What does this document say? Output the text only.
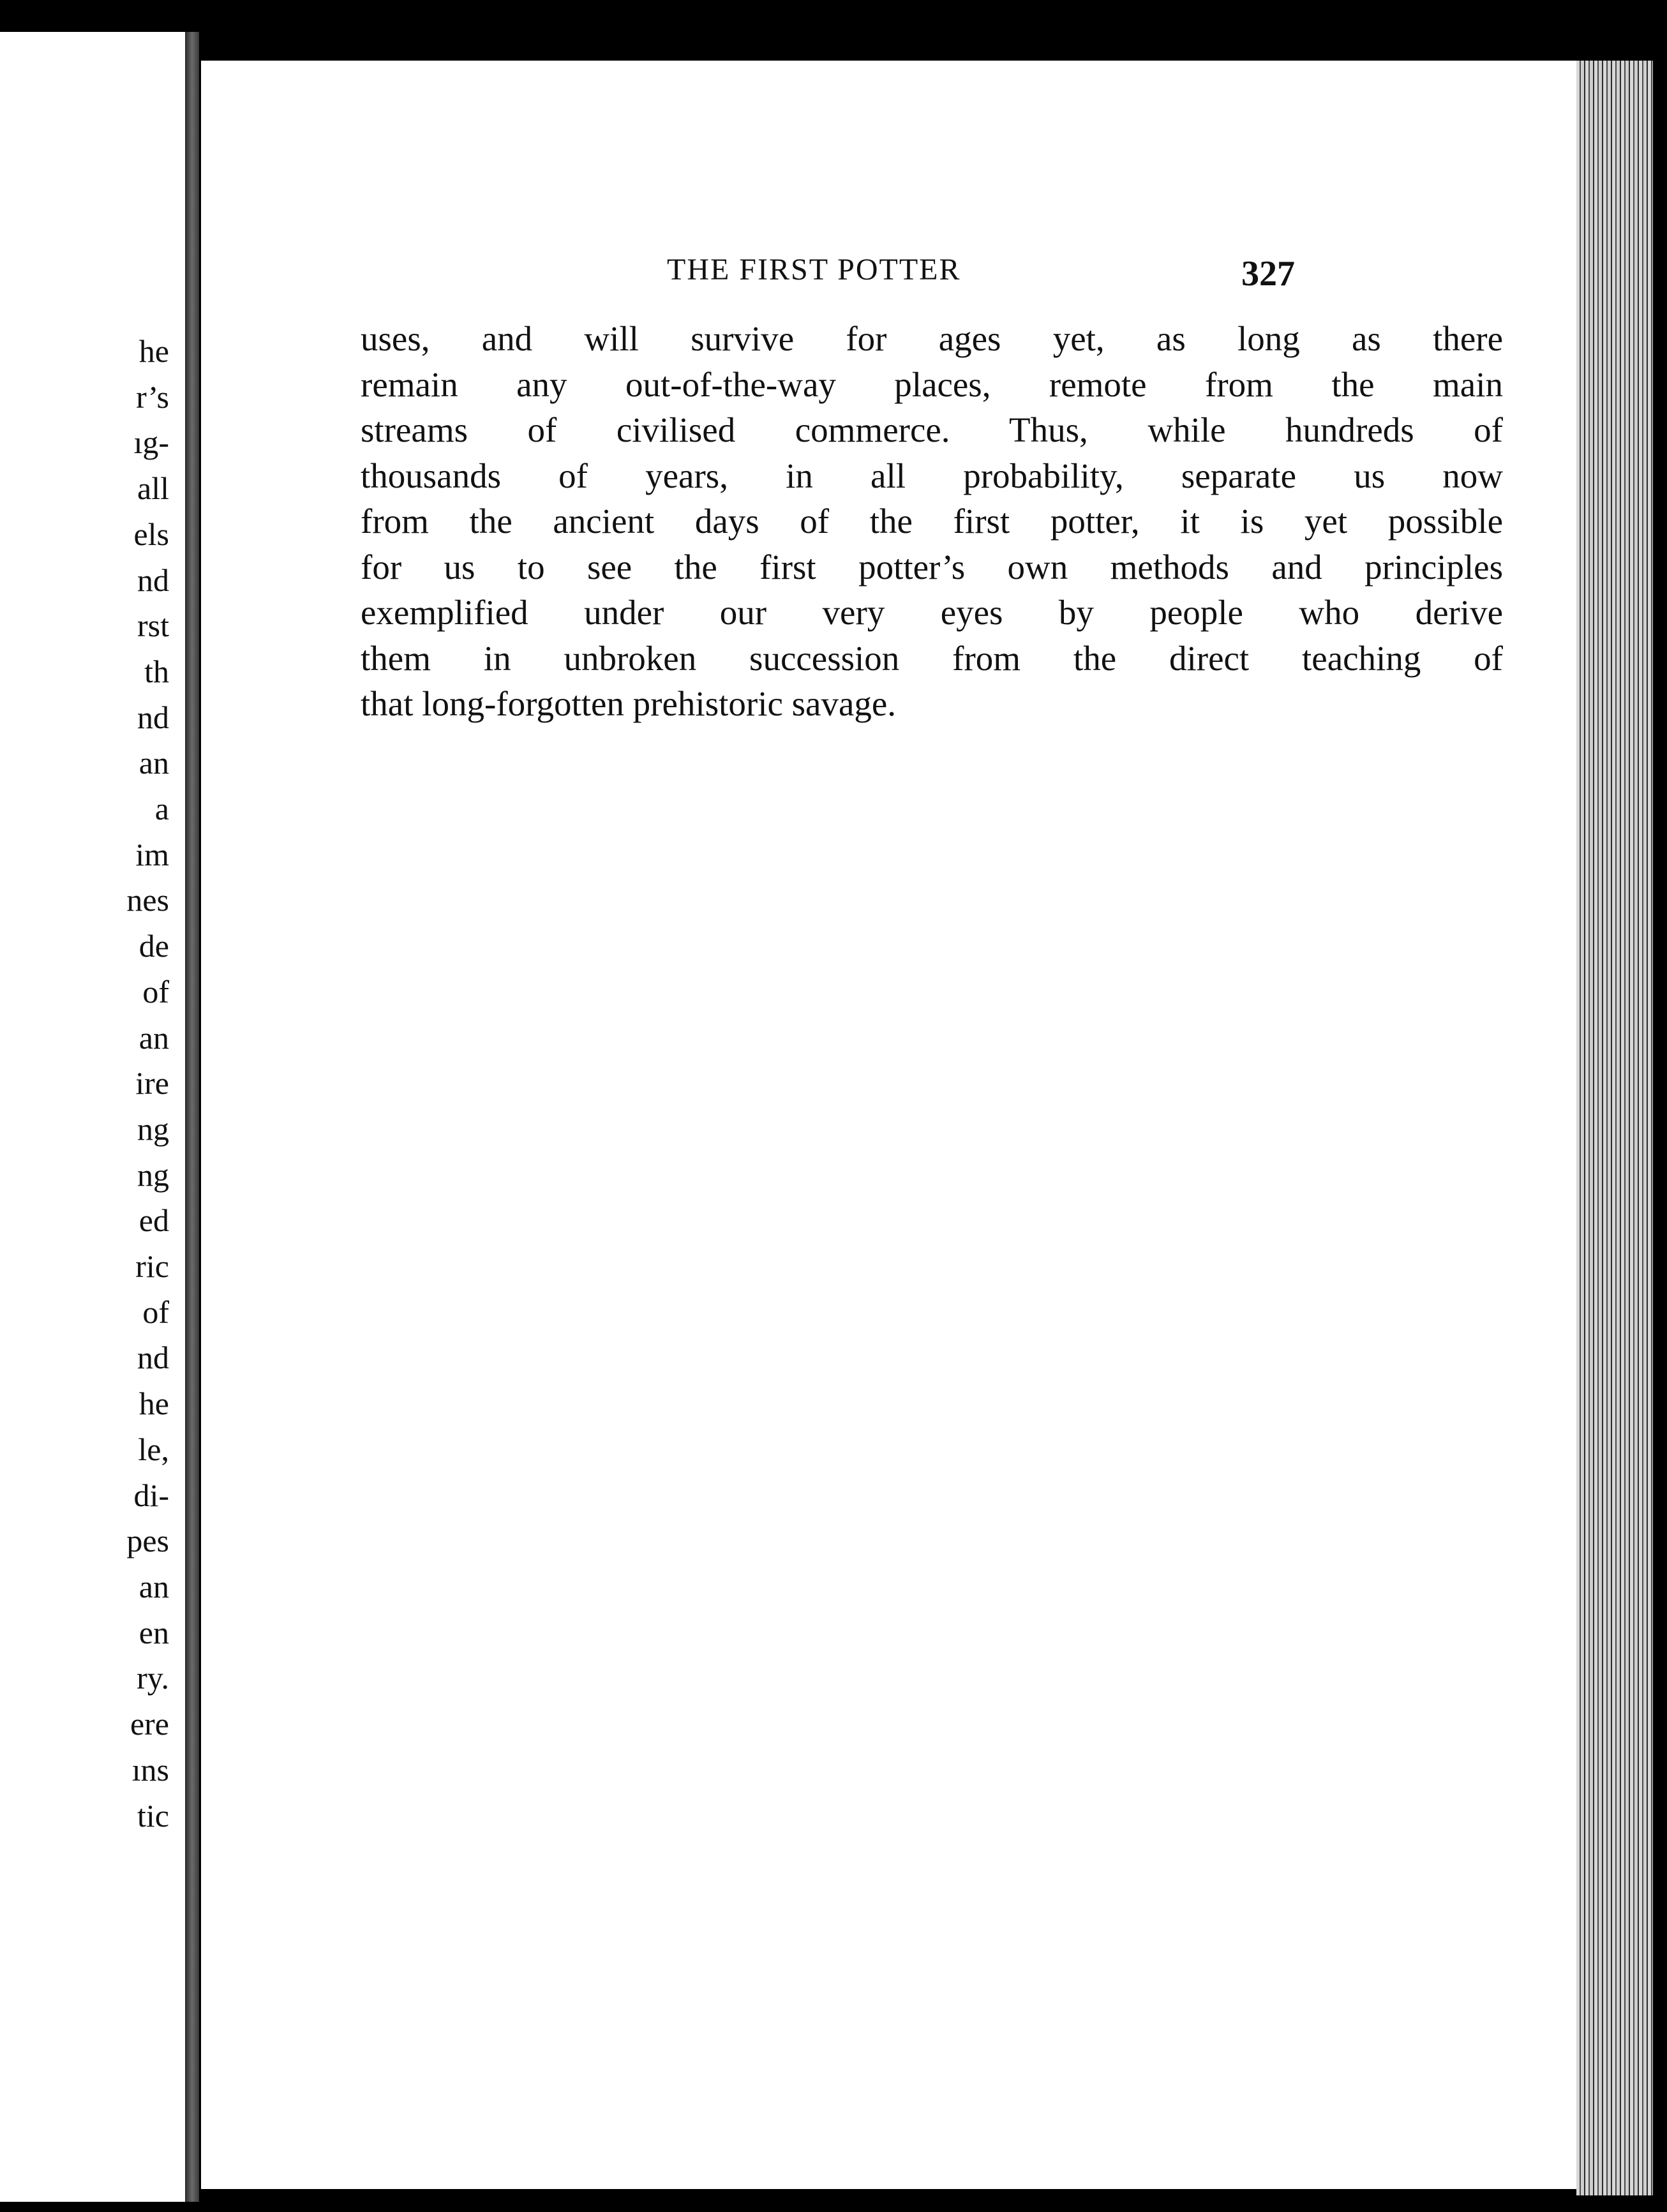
he
r’s
ıg-
all
els
nd
rst
th
nd
an
a
im
nes
de
of
an
ire
ng
ng
ed
ric
of
nd
he
le,
di-
pes
an
en
ry.
ere
ıns
tic
THE FIRST POTTER	327
uses, and will survive for ages yet, as long as there
remain any out-of-the-way places, remote from the main
streams of civilised commerce. Thus, while hundreds of
thousands of years, in all probability, separate us now
from the ancient days of the first potter, it is yet possible
for us to see the first potter’s own methods and principles
exemplified under our very eyes by people who derive
them in unbroken succession from the direct teaching of
that long-forgotten prehistoric savage.
